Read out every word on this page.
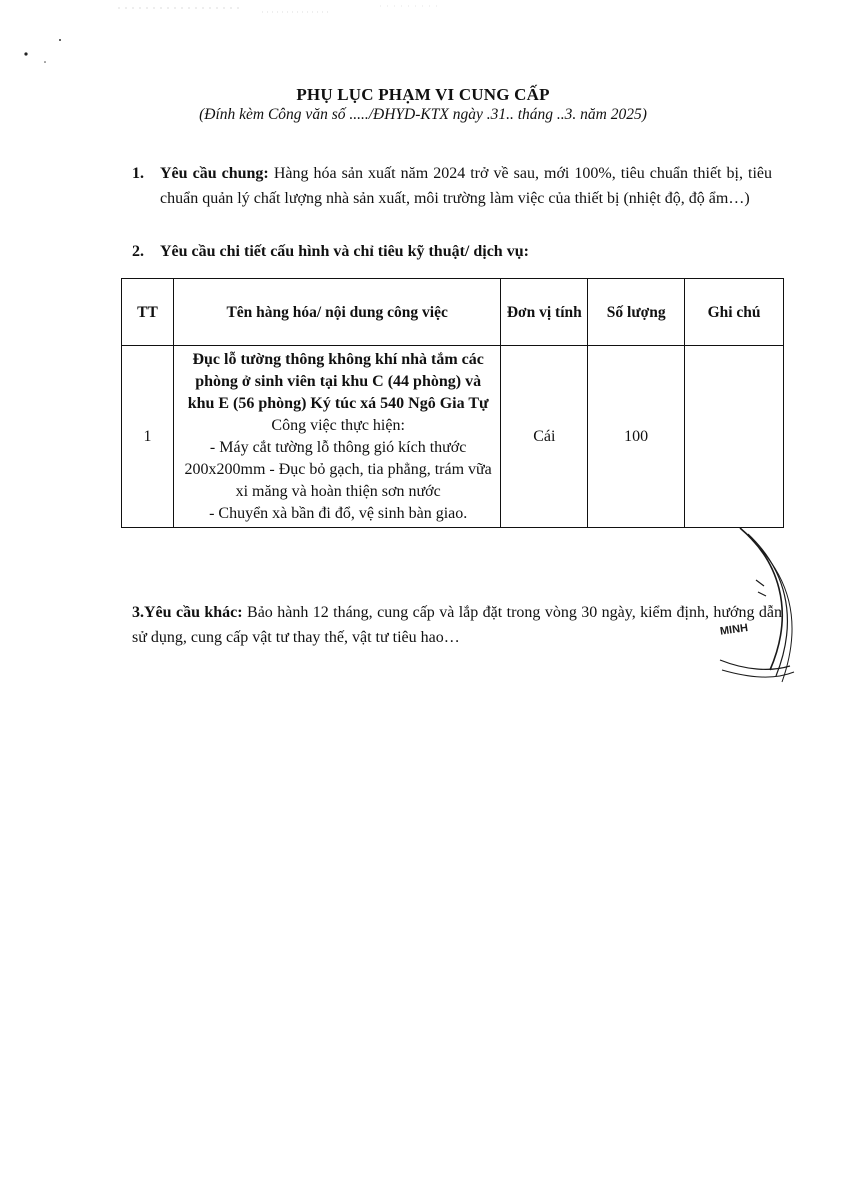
PHỤ LỤC PHẠM VI CUNG CẤP
(Đính kèm Công văn số ...../ĐHYD-KTX ngày .31.. tháng ..3. năm 2025)
1. Yêu cầu chung: Hàng hóa sản xuất năm 2024 trở về sau, mới 100%, tiêu chuẩn thiết bị, tiêu chuẩn quản lý chất lượng nhà sản xuất, môi trường làm việc của thiết bị (nhiệt độ, độ ẩm…)
2. Yêu cầu chi tiết cấu hình và chỉ tiêu kỹ thuật/ dịch vụ:
TT	Tên hàng hóa/ nội dung công việc	Đơn vị tính	Số lượng	Ghi chú
1	Đục lỗ tường thông không khí nhà tắm các phòng ở sinh viên tại khu C (44 phòng) và khu E (56 phòng) Ký túc xá 540 Ngô Gia Tự
Công việc thực hiện:
- Máy cắt tường lỗ thông gió kích thước 200x200mm - Đục bỏ gạch, tia phẳng, trám vữa xi măng và hoàn thiện sơn nước
- Chuyển xà bần đi đổ, vệ sinh bàn giao.	Cái	100	
3.Yêu cầu khác: Bảo hành 12 tháng, cung cấp và lắp đặt trong vòng 30 ngày, kiểm định, hướng dẫn sử dụng, cung cấp vật tư thay thế, vật tư tiêu hao…	MINH
